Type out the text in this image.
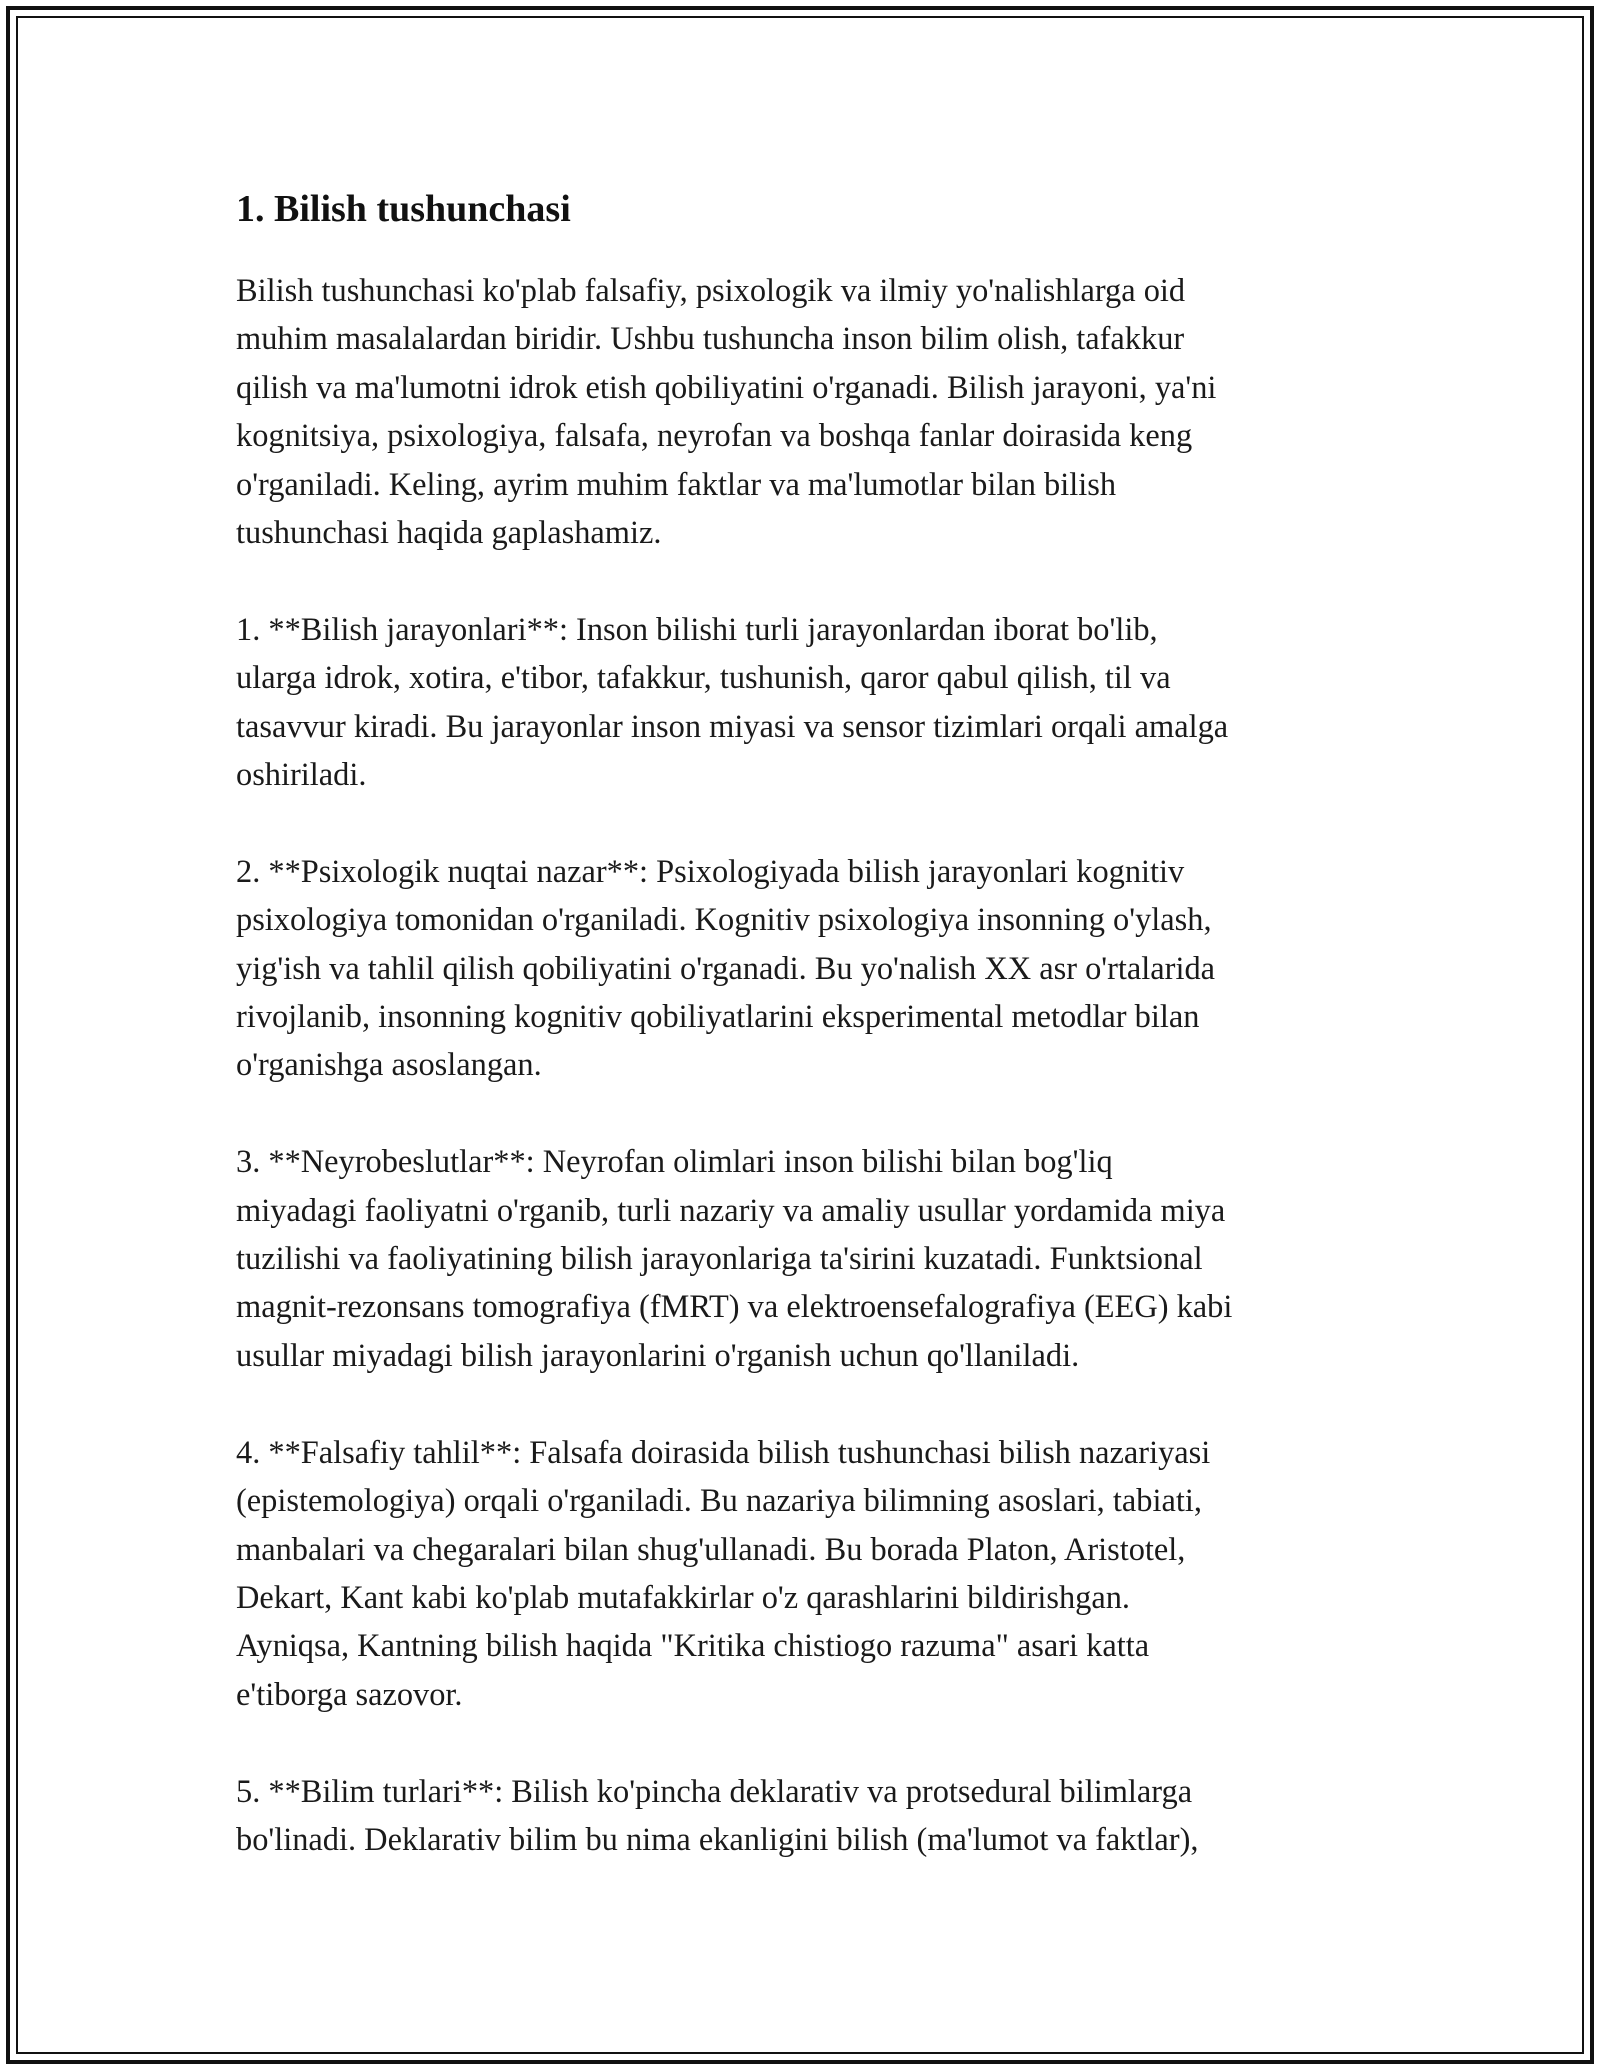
1. Bilish tushunchasi

Bilish tushunchasi ko'plab falsafiy, psixologik va ilmiy yo'nalishlarga oid
muhim masalalardan biridir. Ushbu tushuncha inson bilim olish, tafakkur
qilish va ma'lumotni idrok etish qobiliyatini o'rganadi. Bilish jarayoni, ya'ni
kognitsiya, psixologiya, falsafa, neyrofan va boshqa fanlar doirasida keng
o'rganiladi. Keling, ayrim muhim faktlar va ma'lumotlar bilan bilish
tushunchasi haqida gaplashamiz.

1. **Bilish jarayonlari**: Inson bilishi turli jarayonlardan iborat bo'lib,
ularga idrok, xotira, e'tibor, tafakkur, tushunish, qaror qabul qilish, til va
tasavvur kiradi. Bu jarayonlar inson miyasi va sensor tizimlari orqali amalga
oshiriladi.

2. **Psixologik nuqtai nazar**: Psixologiyada bilish jarayonlari kognitiv
psixologiya tomonidan o'rganiladi. Kognitiv psixologiya insonning o'ylash,
yig'ish va tahlil qilish qobiliyatini o'rganadi. Bu yo'nalish XX asr o'rtalarida
rivojlanib, insonning kognitiv qobiliyatlarini eksperimental metodlar bilan
o'rganishga asoslangan.

3. **Neyrobeslutlar**: Neyrofan olimlari inson bilishi bilan bog'liq
miyadagi faoliyatni o'rganib, turli nazariy va amaliy usullar yordamida miya
tuzilishi va faoliyatining bilish jarayonlariga ta'sirini kuzatadi. Funktsional
magnit-rezonsans tomografiya (fMRT) va elektroensefalografiya (EEG) kabi
usullar miyadagi bilish jarayonlarini o'rganish uchun qo'llaniladi.

4. **Falsafiy tahlil**: Falsafa doirasida bilish tushunchasi bilish nazariyasi
(epistemologiya) orqali o'rganiladi. Bu nazariya bilimning asoslari, tabiati,
manbalari va chegaralari bilan shug'ullanadi. Bu borada Platon, Aristotel,
Dekart, Kant kabi ko'plab mutafakkirlar o'z qarashlarini bildirishgan.
Ayniqsa, Kantning bilish haqida "Kritika chistiogo razuma" asari katta
e'tiborga sazovor.

5. **Bilim turlari**: Bilish ko'pincha deklarativ va protsedural bilimlarga
bo'linadi. Deklarativ bilim bu nima ekanligini bilish (ma'lumot va faktlar),
